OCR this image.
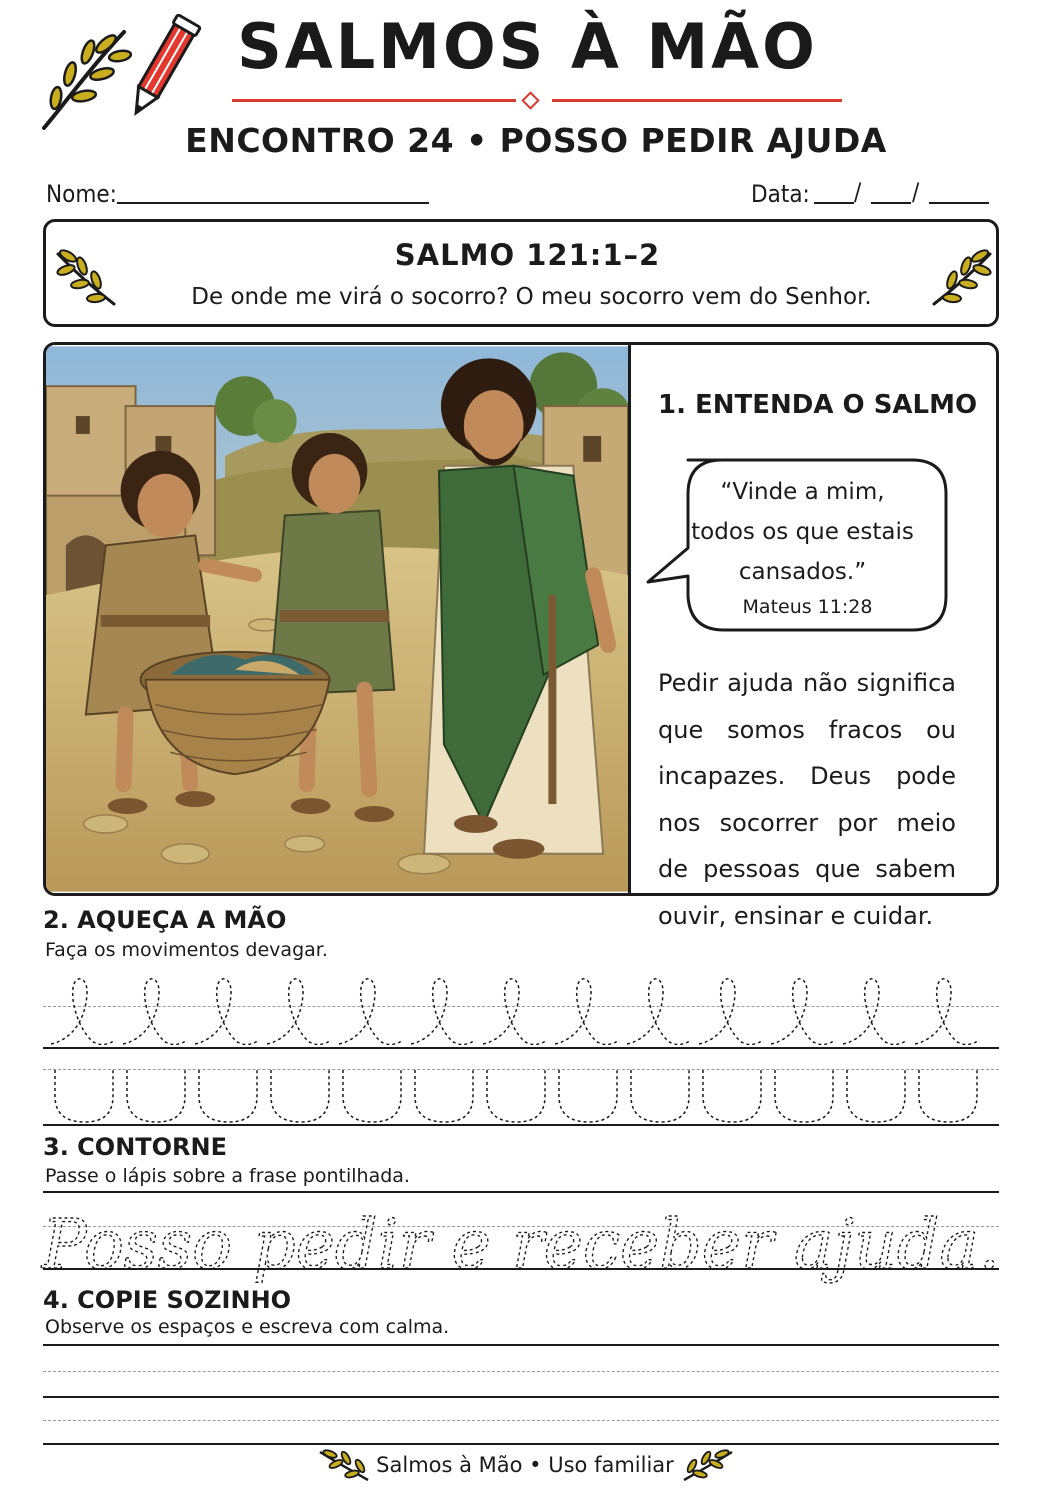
SALMOS À MÃO
ENCONTRO 24 • POSSO PEDIR AJUDA
Nome:	Data: / /
SALMO 121:1–2
De onde me virá o socorro? O meu socorro vem do Senhor.
1. ENTENDA O SALMO
“Vinde a mim,
todos os que estais
cansados.”
Mateus 11:28
Pedir ajuda não significa que somos fracos ou incapazes. Deus pode nos socorrer por meio de pessoas que sabem ouvir, ensinar e cuidar.
2. AQUEÇA A MÃO
Faça os movimentos devagar.
3. CONTORNE
Passe o lápis sobre a frase pontilhada.
Posso pedir e receber ajuda.
4. COPIE SOZINHO
Observe os espaços e escreva com calma.
Salmos à Mão • Uso familiar
